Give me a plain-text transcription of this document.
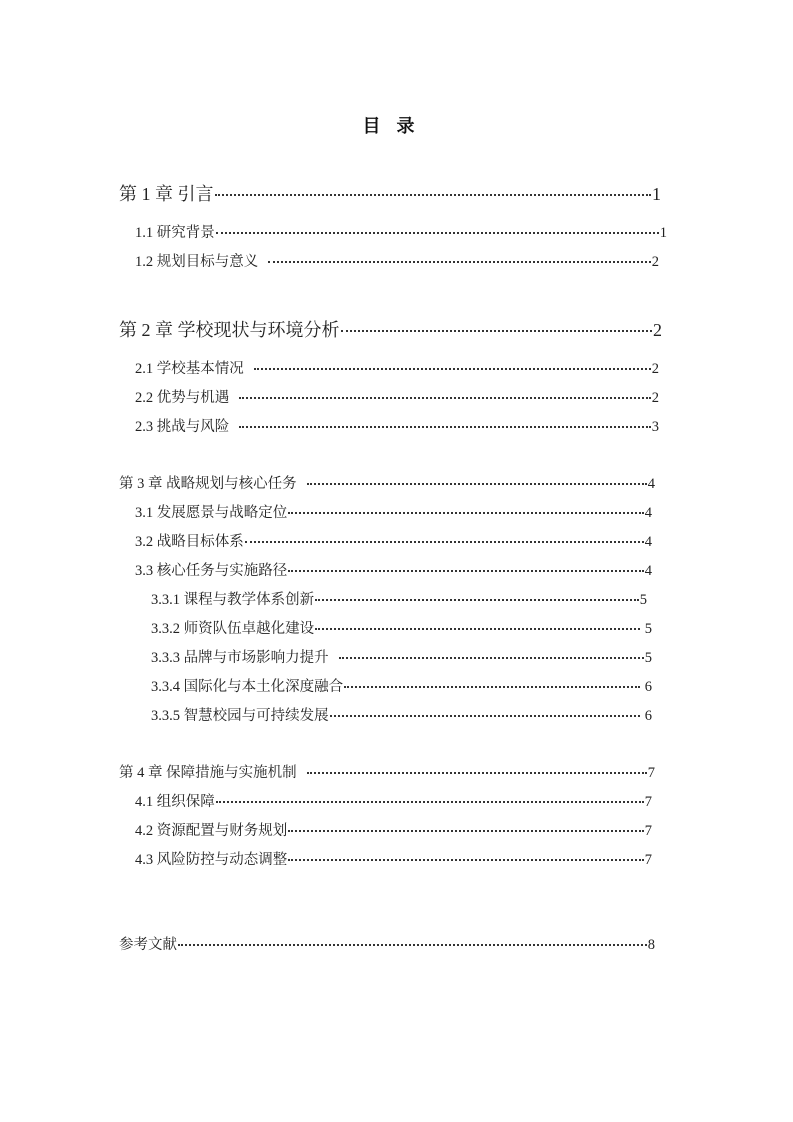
目录
第 1 章 引言	1
1.1 研究背景	1
1.2 规划目标与意义	2
第 2 章 学校现状与环境分析	2
2.1 学校基本情况	2
2.2 优势与机遇	2
2.3 挑战与风险	3
第 3 章 战略规划与核心任务	4
3.1 发展愿景与战略定位	4
3.2 战略目标体系	4
3.3 核心任务与实施路径	4
3.3.1 课程与教学体系创新	5
3.3.2 师资队伍卓越化建设	5
3.3.3 品牌与市场影响力提升	5
3.3.4 国际化与本土化深度融合	6
3.3.5 智慧校园与可持续发展	6
第 4 章 保障措施与实施机制	7
4.1 组织保障	7
4.2 资源配置与财务规划	7
4.3 风险防控与动态调整	7
参考文献	8
